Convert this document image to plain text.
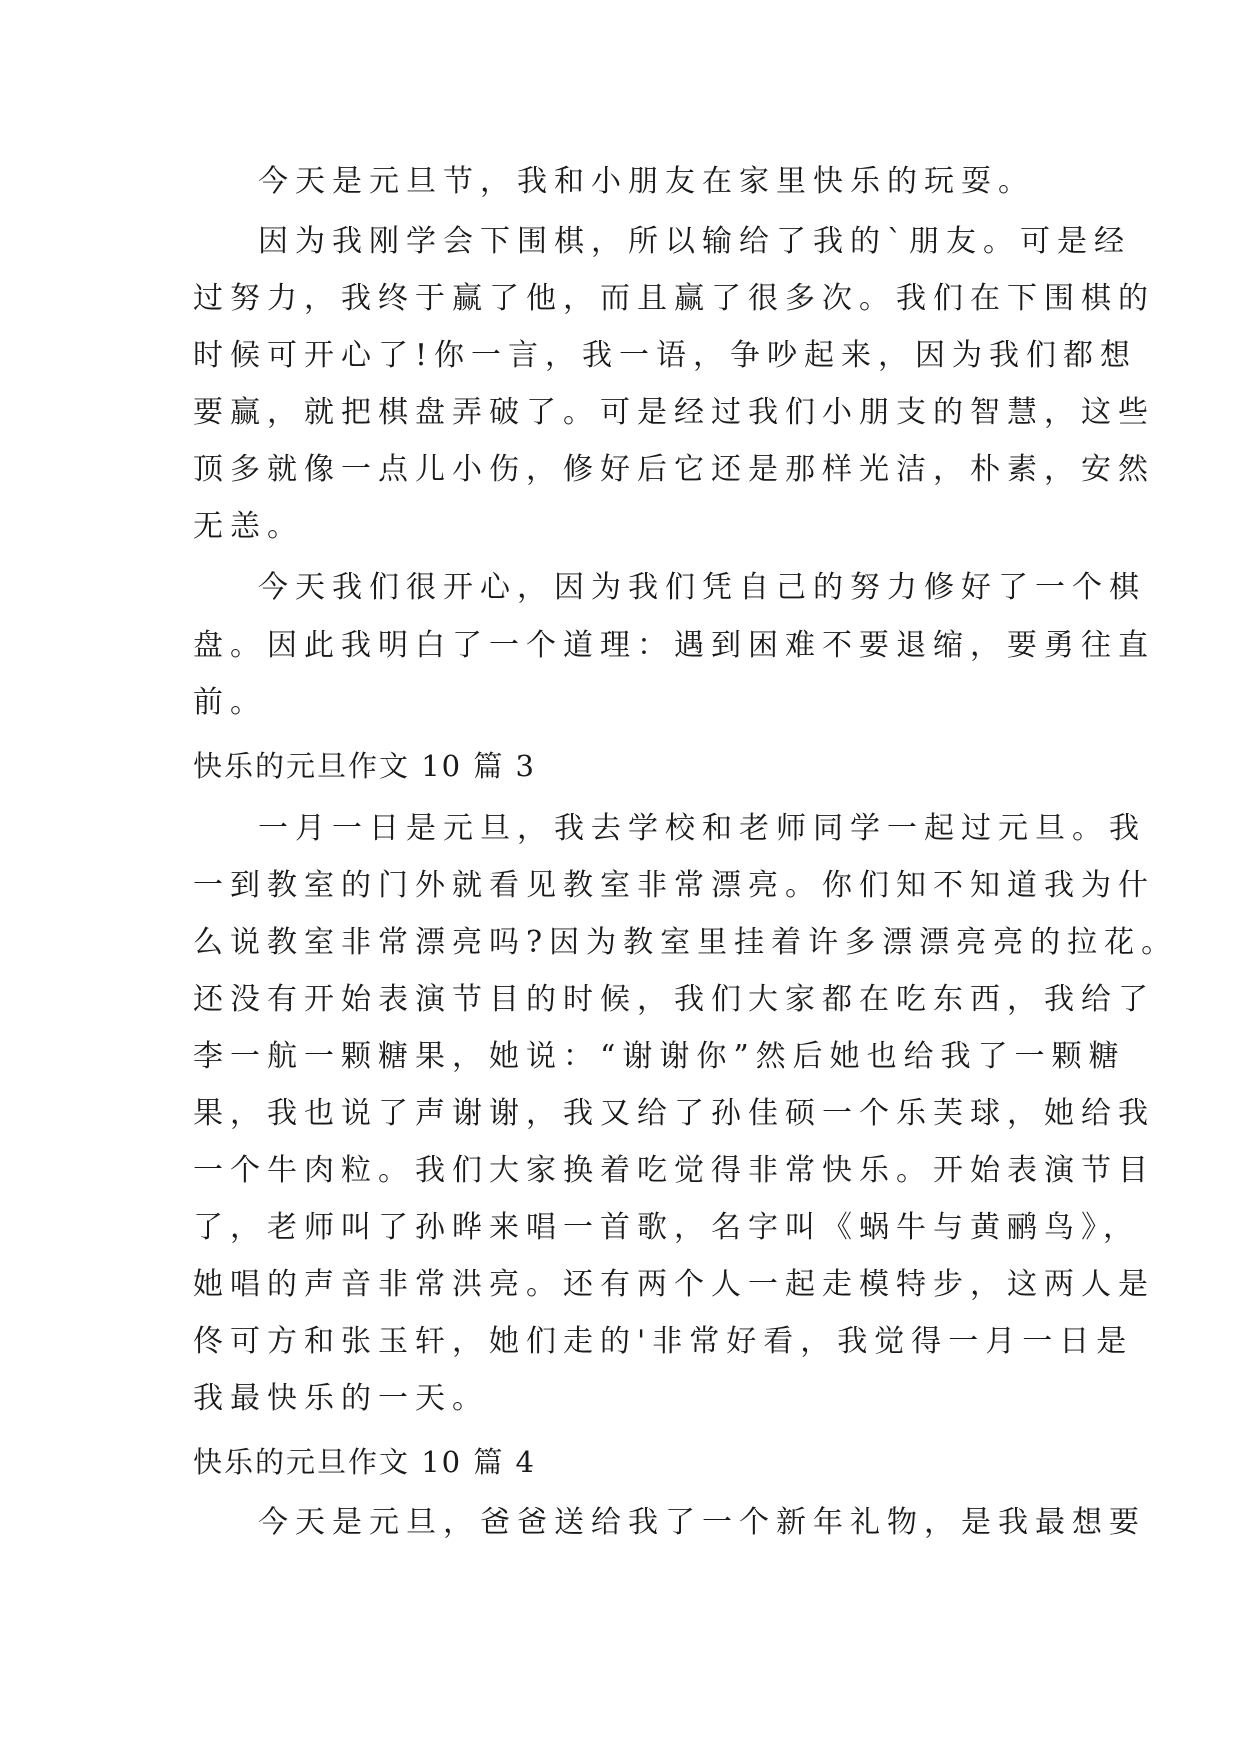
今天是元旦节，我和小朋友在家里快乐的玩耍。
因为我刚学会下围棋，所以输给了我的`朋友。可是经
过努力，我终于赢了他，而且赢了很多次。我们在下围棋的
时候可开心了!你一言，我一语，争吵起来，因为我们都想
要赢，就把棋盘弄破了。可是经过我们小朋支的智慧，这些
顶多就像一点儿小伤，修好后它还是那样光洁，朴素，安然
无恙。
今天我们很开心，因为我们凭自己的努力修好了一个棋
盘。因此我明白了一个道理：遇到困难不要退缩，要勇往直
前。
快乐的元旦作文 10 篇 3
一月一日是元旦，我去学校和老师同学一起过元旦。我
一到教室的门外就看见教室非常漂亮。你们知不知道我为什
么说教室非常漂亮吗?因为教室里挂着许多漂漂亮亮的拉花。
还没有开始表演节目的时候，我们大家都在吃东西，我给了
李一航一颗糖果，她说：“谢谢你”然后她也给我了一颗糖
果，我也说了声谢谢，我又给了孙佳硕一个乐芙球，她给我
一个牛肉粒。我们大家换着吃觉得非常快乐。开始表演节目
了，老师叫了孙晔来唱一首歌，名字叫《蜗牛与黄鹂鸟》，
她唱的声音非常洪亮。还有两个人一起走模特步，这两人是
佟可方和张玉轩，她们走的'非常好看，我觉得一月一日是
我最快乐的一天。
快乐的元旦作文 10 篇 4
今天是元旦，爸爸送给我了一个新年礼物，是我最想要
